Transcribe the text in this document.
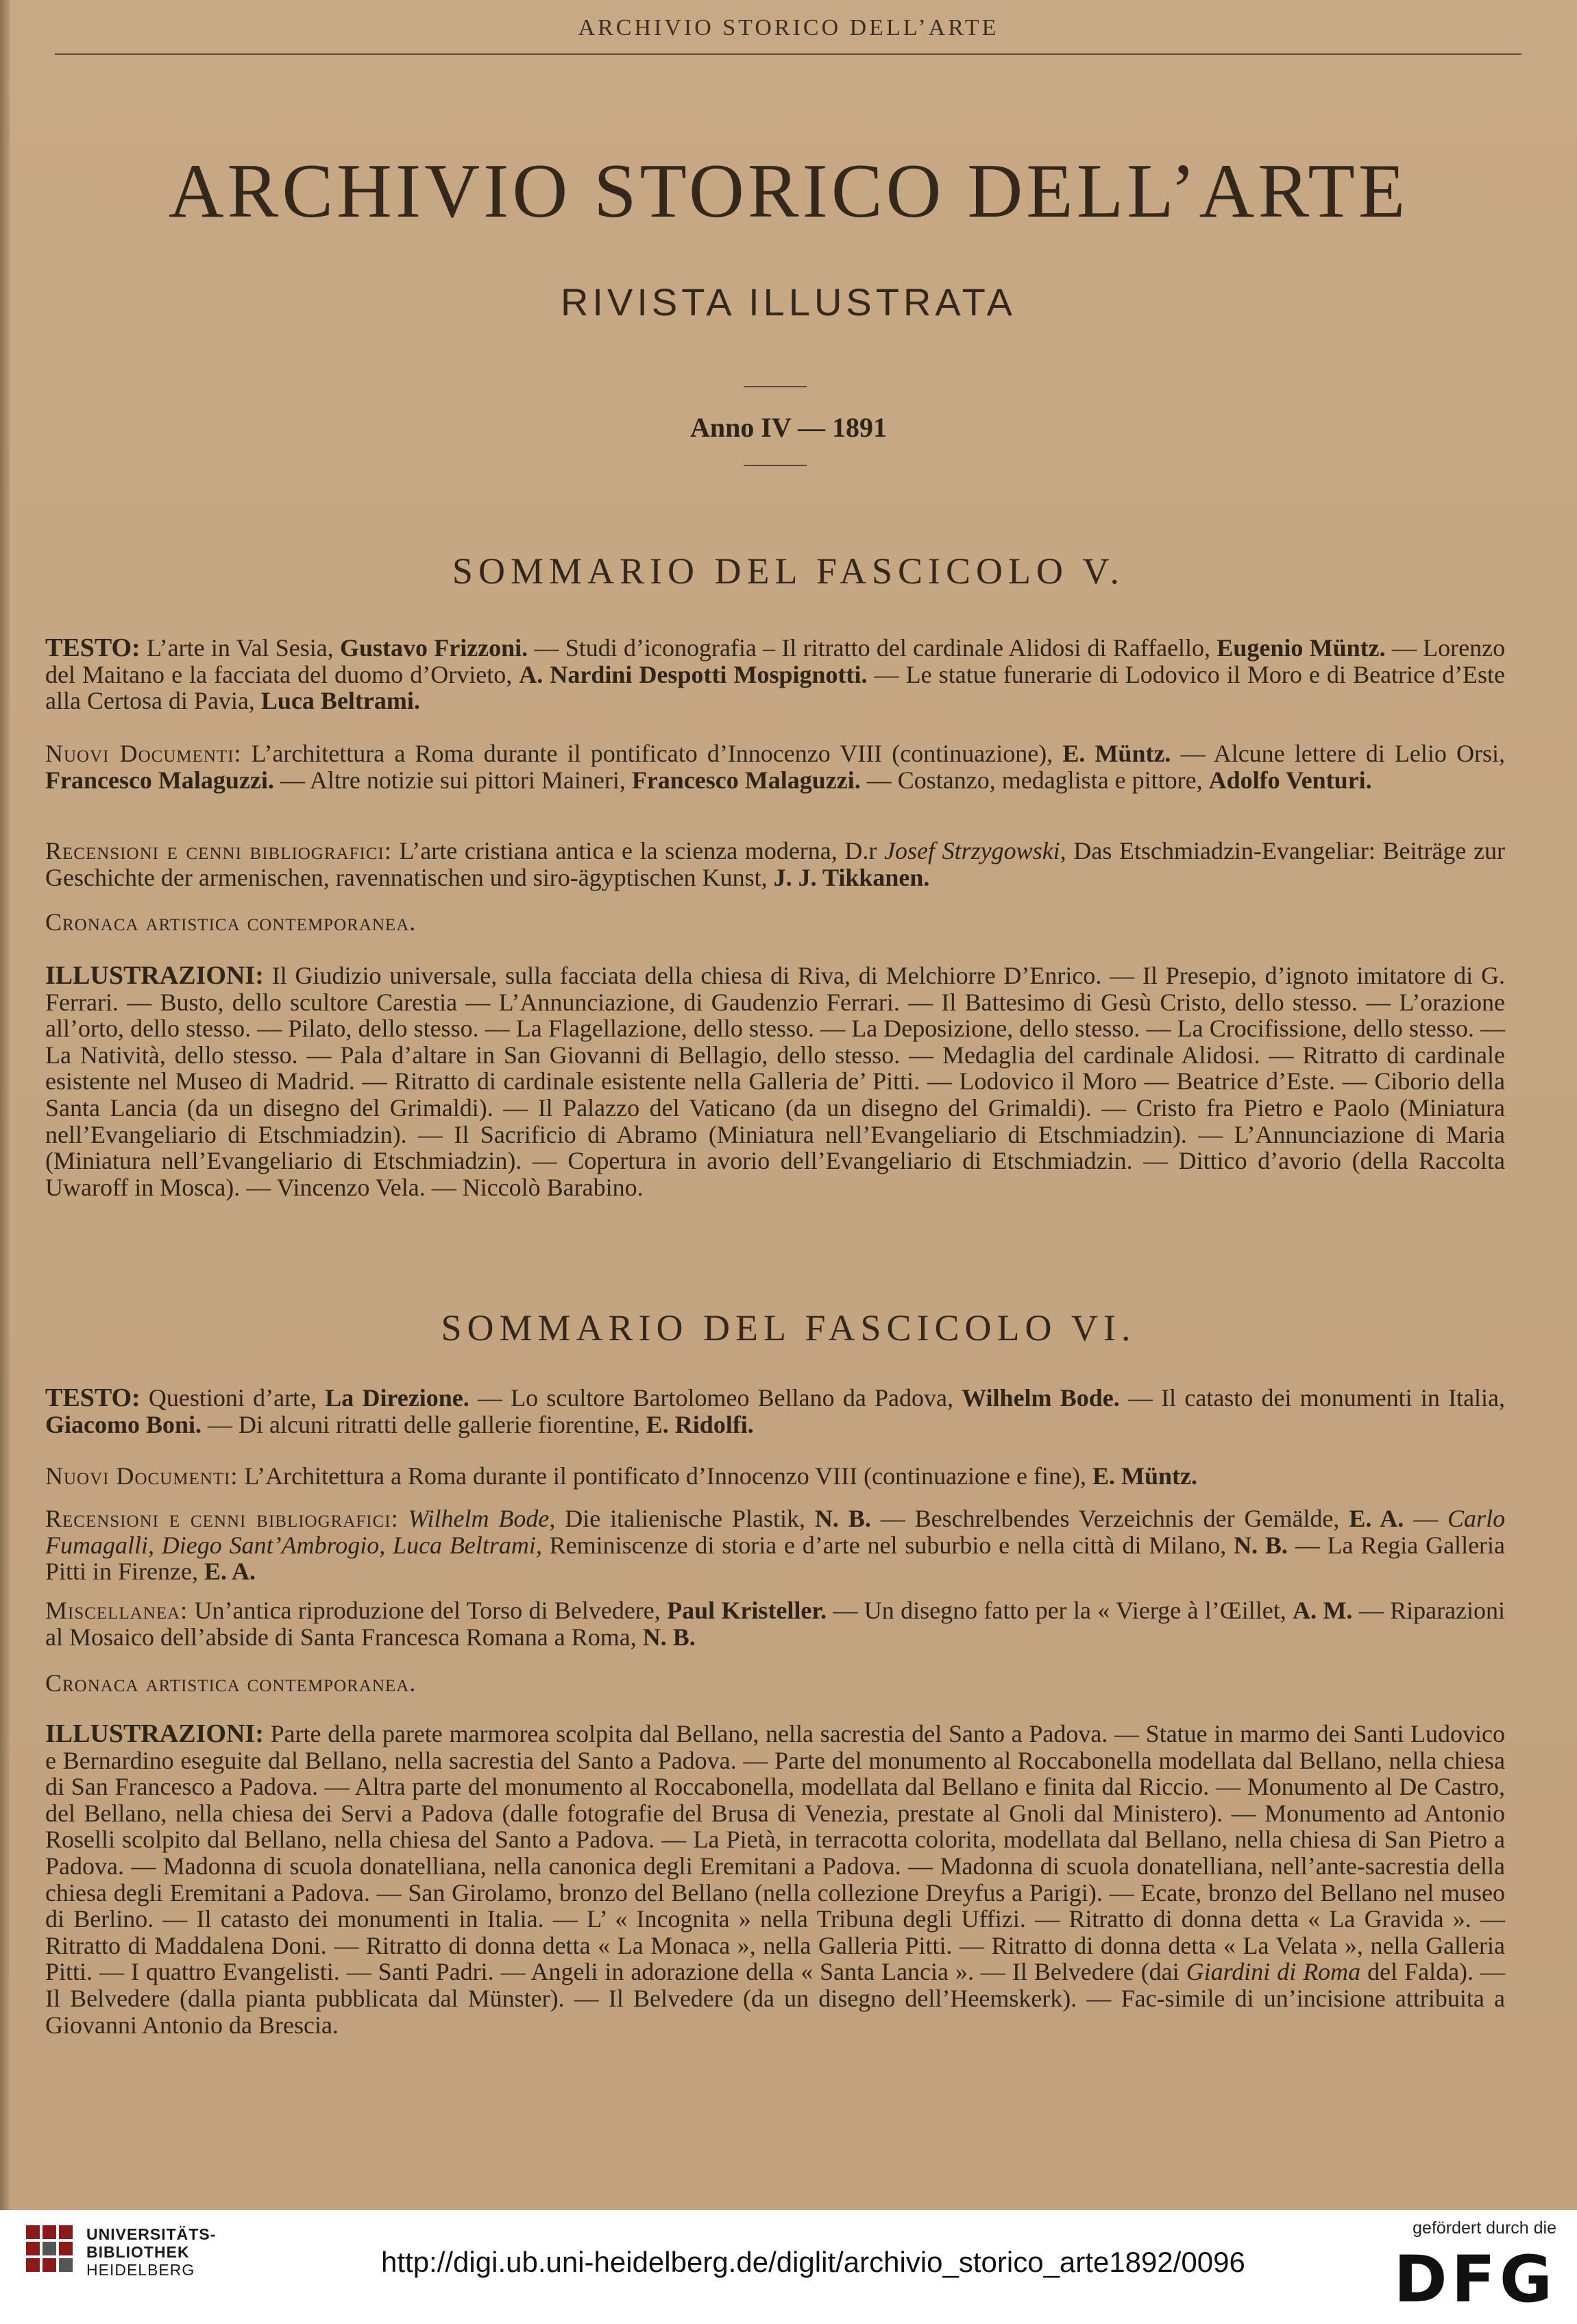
ARCHIVIO STORICO DELL’ARTE
ARCHIVIO STORICO DELL’ARTE
RIVISTA ILLUSTRATA
Anno IV — 1891
SOMMARIO DEL FASCICOLO V.

TESTO: L’arte in Val Sesia, Gustavo Frizzoni. — Studi d’iconografia – Il ritratto del cardinale Alidosi di Raffaello, Eugenio Müntz. — Lorenzo del Maitano e la facciata del duomo d’Orvieto, A. Nardini Despotti Mospignotti. — Le statue funerarie di Lodovico il Moro e di Beatrice d’Este alla Certosa di Pavia, Luca Beltrami.

Nuovi Documenti: L’architettura a Roma durante il pontificato d’Innocenzo VIII (continuazione), E. Müntz. — Alcune lettere di Lelio Orsi, Francesco Malaguzzi. — Altre notizie sui pittori Maineri, Francesco Malaguzzi. — Costanzo, medaglista e pittore, Adolfo Venturi.

Recensioni e cenni bibliografici: L’arte cristiana antica e la scienza moderna, D.r Josef Strzygowski, Das Etschmiadzin-Evangeliar: Beiträge zur Geschichte der armenischen, ravennatischen und siro-ägyptischen Kunst, J. J. Tikkanen.

Cronaca artistica contemporanea.

ILLUSTRAZIONI: Il Giudizio universale, sulla facciata della chiesa di Riva, di Melchiorre D’Enrico. — Il Presepio, d’ignoto imitatore di G. Ferrari. — Busto, dello scultore Carestia — L’Annunciazione, di Gaudenzio Ferrari. — Il Battesimo di Gesù Cristo, dello stesso. — L’orazione all’orto, dello stesso. — Pilato, dello stesso. — La Flagellazione, dello stesso. — La Deposizione, dello stesso. — La Crocifissione, dello stesso. — La Natività, dello stesso. — Pala d’altare in San Giovanni di Bellagio, dello stesso. — Medaglia del cardinale Alidosi. — Ritratto di cardinale esistente nel Museo di Madrid. — Ritratto di cardinale esistente nella Galleria de’ Pitti. — Lodovico il Moro — Beatrice d’Este. — Ciborio della Santa Lancia (da un disegno del Grimaldi). — Il Palazzo del Vaticano (da un disegno del Grimaldi). — Cristo fra Pietro e Paolo (Miniatura nell’Evangeliario di Etschmiadzin). — Il Sacrificio di Abramo (Miniatura nell’Evangeliario di Etschmiadzin). — L’Annunciazione di Maria (Miniatura nell’Evangeliario di Etschmiadzin). — Copertura in avorio dell’Evangeliario di Etschmiadzin. — Dittico d’avorio (della Raccolta Uwaroff in Mosca). — Vincenzo Vela. — Niccolò Barabino.

SOMMARIO DEL FASCICOLO VI.

TESTO: Questioni d’arte, La Direzione. — Lo scultore Bartolomeo Bellano da Padova, Wilhelm Bode. — Il catasto dei monumenti in Italia, Giacomo Boni. — Di alcuni ritratti delle gallerie fiorentine, E. Ridolfi.

Nuovi Documenti: L’Architettura a Roma durante il pontificato d’Innocenzo VIII (continuazione e fine), E. Müntz.

Recensioni e cenni bibliografici: Wilhelm Bode, Die italienische Plastik, N. B. — Beschrelbendes Verzeichnis der Gemälde, E. A. — Carlo Fumagalli, Diego Sant’Ambrogio, Luca Beltrami, Reminiscenze di storia e d’arte nel suburbio e nella città di Milano, N. B. — La Regia Galleria Pitti in Firenze, E. A.

Miscellanea: Un’antica riproduzione del Torso di Belvedere, Paul Kristeller. — Un disegno fatto per la « Vierge à l’Œillet, A. M. — Riparazioni al Mosaico dell’abside di Santa Francesca Romana a Roma, N. B.

Cronaca artistica contemporanea.

ILLUSTRAZIONI: Parte della parete marmorea scolpita dal Bellano, nella sacrestia del Santo a Padova. — Statue in marmo dei Santi Ludovico e Bernardino eseguite dal Bellano, nella sacrestia del Santo a Padova. — Parte del monumento al Roccabonella modellata dal Bellano, nella chiesa di San Francesco a Padova. — Altra parte del monumento al Roccabonella, modellata dal Bellano e finita dal Riccio. — Monumento al De Castro, del Bellano, nella chiesa dei Servi a Padova (dalle fotografie del Brusa di Venezia, prestate al Gnoli dal Ministero). — Monumento ad Antonio Roselli scolpito dal Bellano, nella chiesa del Santo a Padova. — La Pietà, in terracotta colorita, modellata dal Bellano, nella chiesa di San Pietro a Padova. — Madonna di scuola donatelliana, nella canonica degli Eremitani a Padova. — Madonna di scuola donatelliana, nell’ante-sacrestia della chiesa degli Eremitani a Padova. — San Girolamo, bronzo del Bellano (nella collezione Dreyfus a Parigi). — Ecate, bronzo del Bellano nel museo di Berlino. — Il catasto dei monumenti in Italia. — L’ « Incognita » nella Tribuna degli Uffizi. — Ritratto di donna detta « La Gravida ». — Ritratto di Maddalena Doni. — Ritratto di donna detta « La Monaca », nella Galleria Pitti. — Ritratto di donna detta « La Velata », nella Galleria Pitti. — I quattro Evangelisti. — Santi Padri. — Angeli in adorazione della « Santa Lancia ». — Il Belvedere (dai Giardini di Roma del Falda). — Il Belvedere (dalla pianta pubblicata dal Münster). — Il Belvedere (da un disegno dell’Heemskerk). — Fac-simile di un’incisione attribuita a Giovanni Antonio da Brescia.

UNIVERSITÄTS-
BIBLIOTHEK
HEIDELBERG	http://digi.ub.uni-heidelberg.de/diglit/archivio_storico_arte1892/0096
gefördert durch die
DFG
